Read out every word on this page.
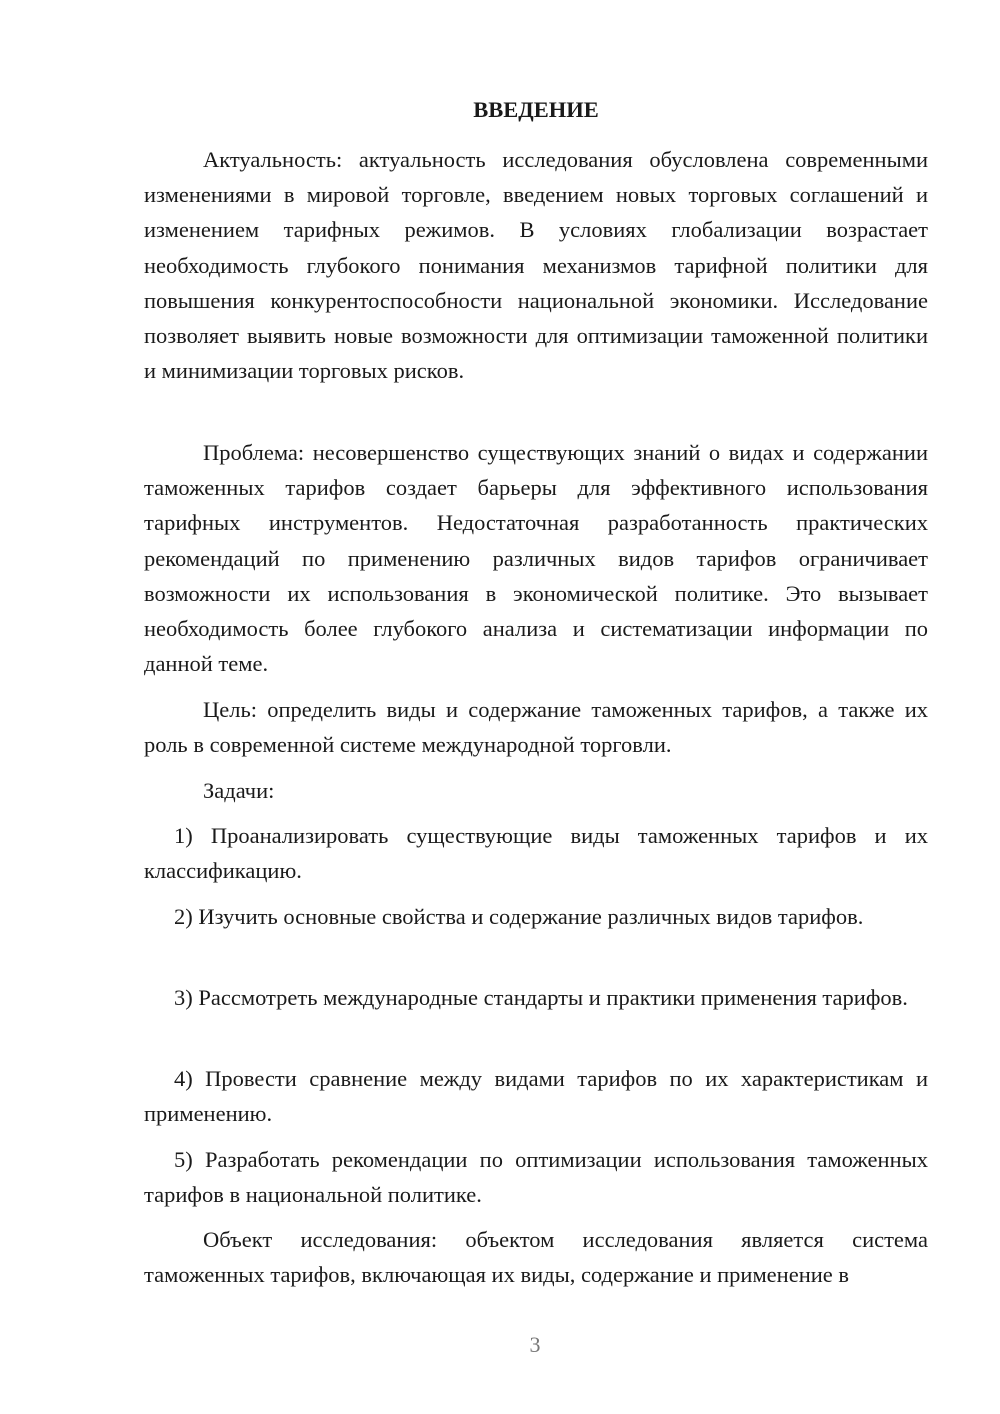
ВВЕДЕНИЕ

Актуальность: актуальность исследования обусловлена современными изменениями в мировой торговле, введением новых торговых соглашений и изменением тарифных режимов. В условиях глобализации возрастает необходимость глубокого понимания механизмов тарифной политики для повышения конкурентоспособности национальной экономики. Исследование позволяет выявить новые возможности для оптимизации таможенной политики и минимизации торговых рисков.

Проблема: несовершенство существующих знаний о видах и содержании таможенных тарифов создает барьеры для эффективного использования тарифных инструментов. Недостаточная разработанность практических рекомендаций по применению различных видов тарифов ограничивает возможности их использования в экономической политике. Это вызывает необходимость более глубокого анализа и систематизации информации по данной теме.

Цель: определить виды и содержание таможенных тарифов, а также их роль в современной системе международной торговли.

Задачи:

1) Проанализировать существующие виды таможенных тарифов и их классификацию.

2) Изучить основные свойства и содержание различных видов тарифов.

3) Рассмотреть международные стандарты и практики применения тарифов.

4) Провести сравнение между видами тарифов по их характеристикам и применению.

5) Разработать рекомендации по оптимизации использования таможенных тарифов в национальной политике.

Объект исследования: объектом исследования является система таможенных тарифов, включающая их виды, содержание и применение в

3
